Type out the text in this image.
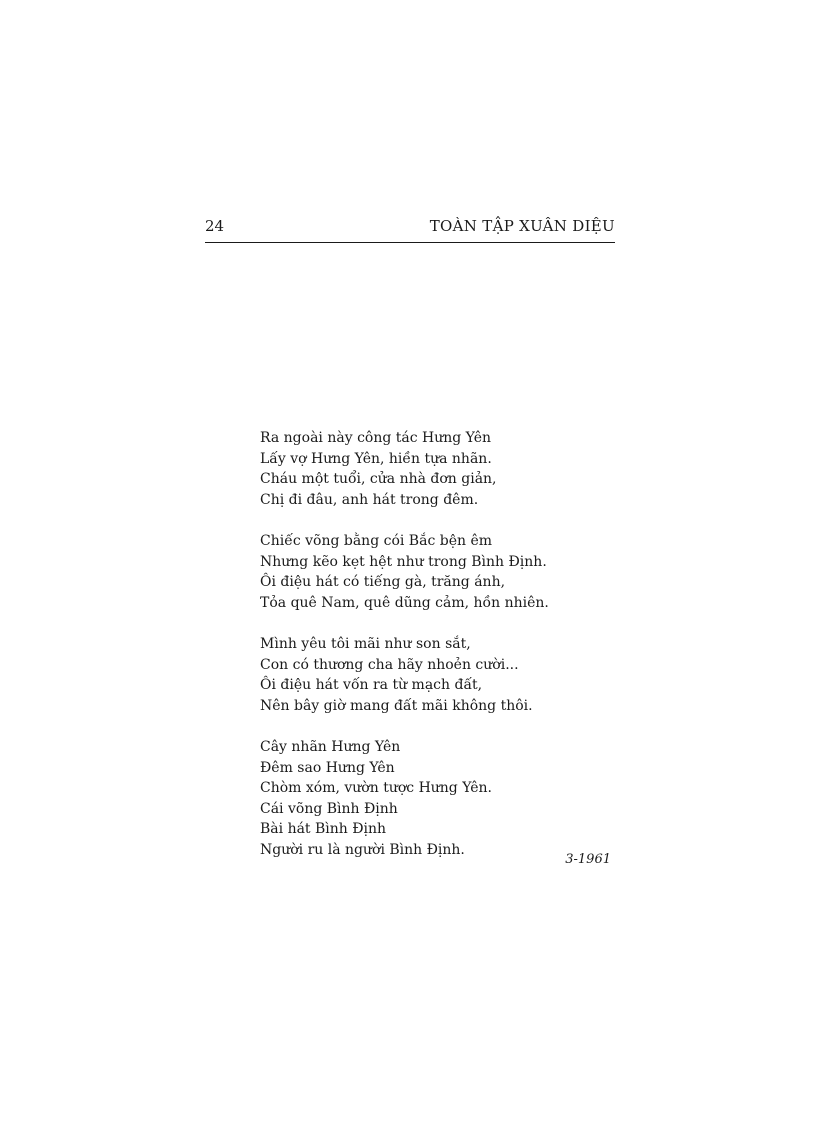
24	TOÀN TẬP XUÂN DIỆU
Ra ngoài này công tác Hưng Yên
Lấy vợ Hưng Yên, hiền tựa nhãn.
Cháu một tuổi, cửa nhà đơn giản,
Chị đi đâu, anh hát trong đêm.
Chiếc võng bằng cói Bắc bện êm
Nhưng kẽo kẹt hệt như trong Bình Định.
Ôi điệu hát có tiếng gà, trăng ánh,
Tỏa quê Nam, quê dũng cảm, hồn nhiên.
Mình yêu tôi mãi như son sắt,
Con có thương cha hãy nhoẻn cười...
Ôi điệu hát vốn ra từ mạch đất,
Nên bây giờ mang đất mãi không thôi.
Cây nhãn Hưng Yên
Đêm sao Hưng Yên
Chòm xóm, vườn tược Hưng Yên.
Cái võng Bình Định
Bài hát Bình Định
Người ru là người Bình Định.
3-1961
